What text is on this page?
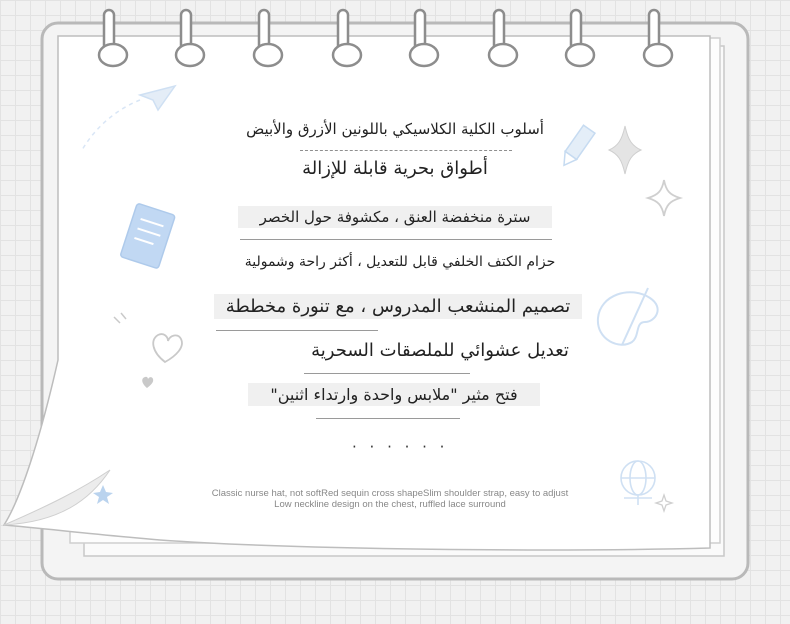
أسلوب الكلية الكلاسيكي باللونين الأزرق والأبيض
أطواق بحرية قابلة للإزالة
سترة منخفضة العنق ، مكشوفة حول الخصر
حزام الكتف الخلفي قابل للتعديل ، أكثر راحة وشمولية
تصميم المنشعب المدروس ، مع تنورة مخططة
تعديل عشوائي للملصقات السحرية
فتح مثير "ملابس واحدة وارتداء اثنين"
· · · · · ·
Classic nurse hat, not softRed sequin cross shapeSlim shoulder strap, easy to adjust
Low neckline design on the chest, ruffled lace surround
